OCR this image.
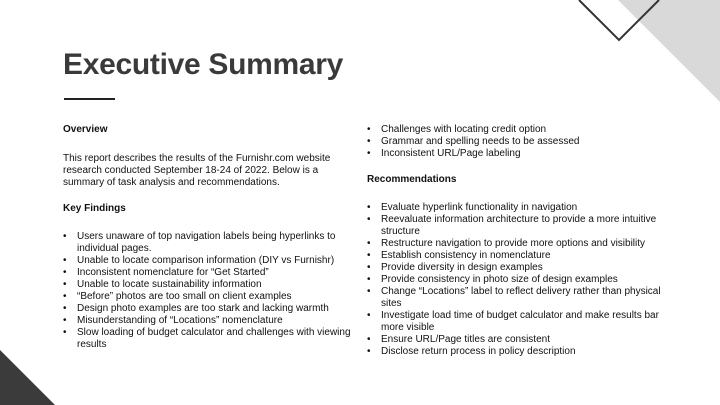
Executive Summary

Overview

This report describes the results of the Furnishr.com website research conducted September 18-24 of 2022. Below is a summary of task analysis and recommendations.

Key Findings

•	Users unaware of top navigation labels being hyperlinks to individual pages.
•	Unable to locate comparison information (DIY vs Furnishr)
•	Inconsistent nomenclature for “Get Started”
•	Unable to locate sustainability information
•	“Before” photos are too small on client examples
•	Design photo examples are too stark and lacking warmth
•	Misunderstanding of “Locations” nomenclature
•	Slow loading of budget calculator and challenges with viewing results
•	Challenges with locating credit option
•	Grammar and spelling needs to be assessed
•	Inconsistent URL/Page labeling

Recommendations

•	Evaluate hyperlink functionality in navigation
•	Reevaluate information architecture to provide a more intuitive structure
•	Restructure navigation to provide more options and visibility
•	Establish consistency in nomenclature
•	Provide diversity in design examples
•	Provide consistency in photo size of design examples
•	Change “Locations” label to reflect delivery rather than physical sites
•	Investigate load time of budget calculator and make results bar more visible
•	Ensure URL/Page titles are consistent
•	Disclose return process in policy description
